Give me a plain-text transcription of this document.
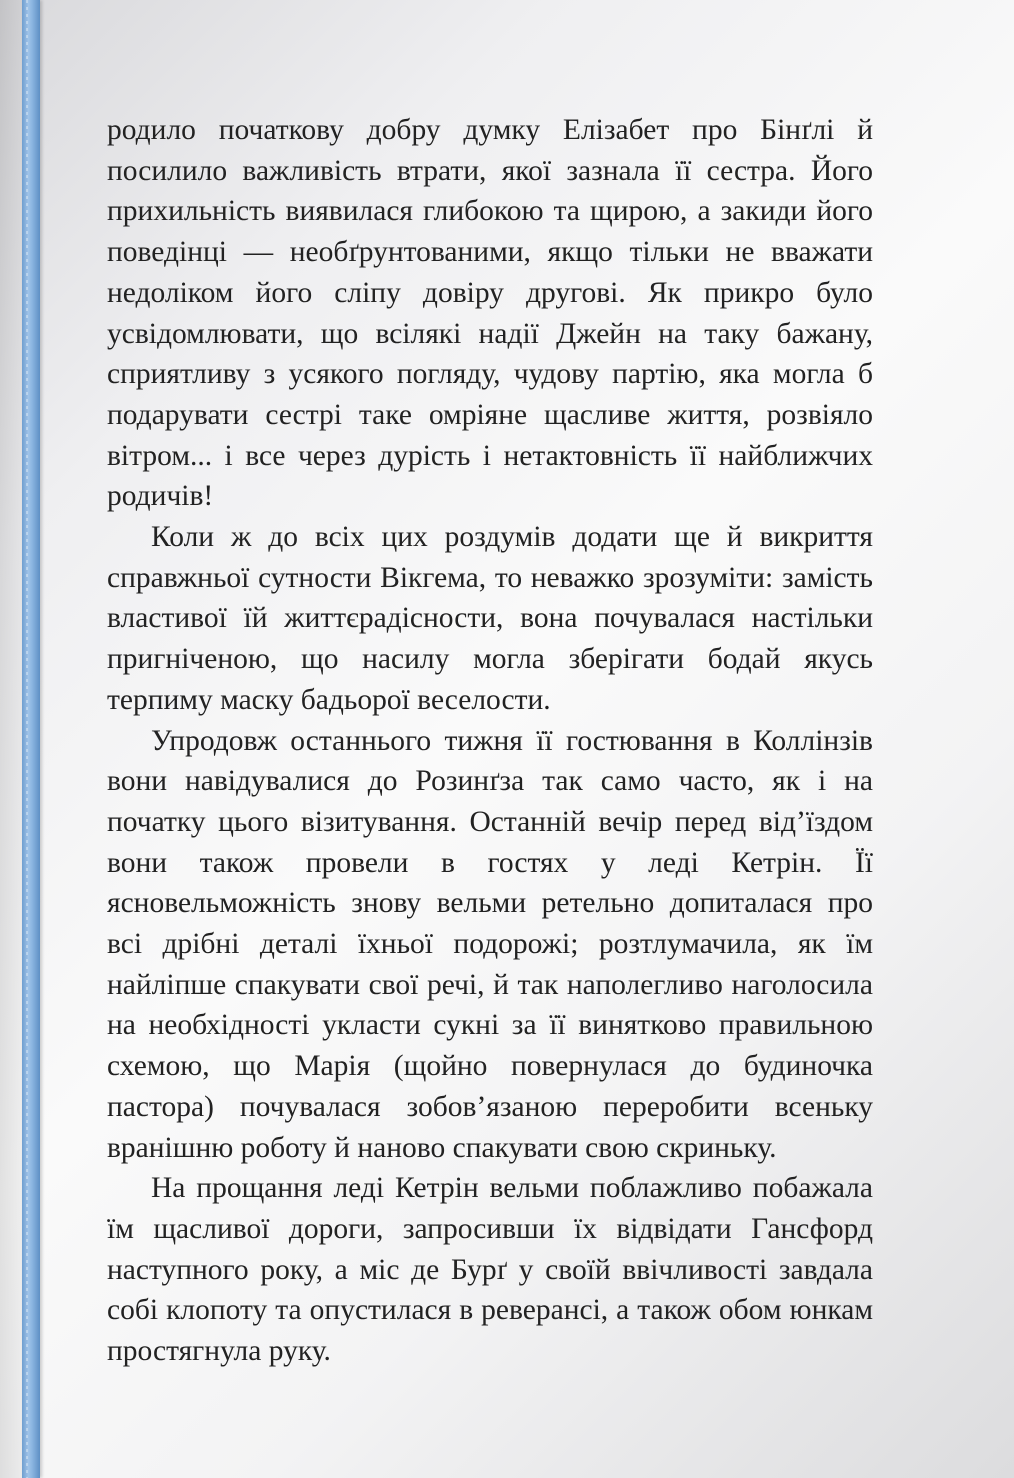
родило початкову добру думку Елізабет про Бінґлі й посилило важливість втрати, якої зазнала її сестра. Його прихильність виявилася глибокою та щирою, а закиди його поведінці — необґрунтованими, якщо тільки не вважати недоліком його сліпу довіру другові. Як прикро було усвідомлювати, що всілякі надії Джейн на таку бажану, сприятливу з усякого погляду, чудову партію, яка могла б подарувати сестрі таке омріяне щасливе життя, розвіяло вітром... і все через дурість і нетактовність її найближчих родичів!

Коли ж до всіх цих роздумів додати ще й викриття справжньої сутности Вікгема, то неважко зрозуміти: замість властивої їй життєрадісности, вона почувалася настільки пригніченою, що насилу могла зберігати бодай якусь терпиму маску бадьорої веселости.

Упродовж останнього тижня її гостювання в Коллінзів вони навідувалися до Розинґза так само часто, як і на початку цього візитування. Останній вечір перед від’їздом вони також провели в гостях у леді Кетрін. Її ясновельможність знову вельми ретельно допиталася про всі дрібні деталі їхньої подорожі; розтлумачила, як їм найліпше спакувати свої речі, й так наполегливо наголосила на необхідності укласти сукні за її винятково правильною схемою, що Марія (щойно повернулася до будиночка пастора) почувалася зобов’язаною переробити всеньку вранішню роботу й наново спакувати свою скриньку.

На прощання леді Кетрін вельми поблажливо побажала їм щасливої дороги, запросивши їх відвідати Гансфорд наступного року, а міс де Бурґ у своїй ввічливості завдала собі клопоту та опустилася в реверансі, а також обом юнкам простягнула руку.
